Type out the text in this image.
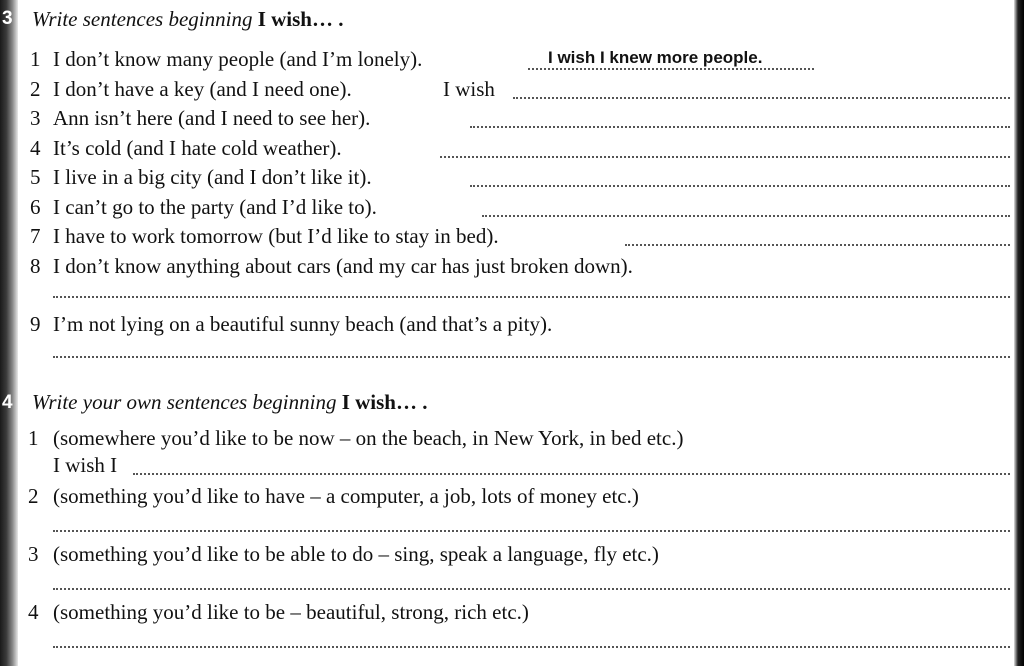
3 Write sentences beginning I wish… .
1 I don’t know many people (and I’m lonely).	I wish I knew more people.
2 I don’t have a key (and I need one).	I wish
3 Ann isn’t here (and I need to see her).
4 It’s cold (and I hate cold weather).
5 I live in a big city (and I don’t like it).
6 I can’t go to the party (and I’d like to).
7 I have to work tomorrow (but I’d like to stay in bed).
8 I don’t know anything about cars (and my car has just broken down).
9 I’m not lying on a beautiful sunny beach (and that’s a pity).
4 Write your own sentences beginning I wish… .
1 (somewhere you’d like to be now – on the beach, in New York, in bed etc.)
I wish I
2 (something you’d like to have – a computer, a job, lots of money etc.)
3 (something you’d like to be able to do – sing, speak a language, fly etc.)
4 (something you’d like to be – beautiful, strong, rich etc.)
